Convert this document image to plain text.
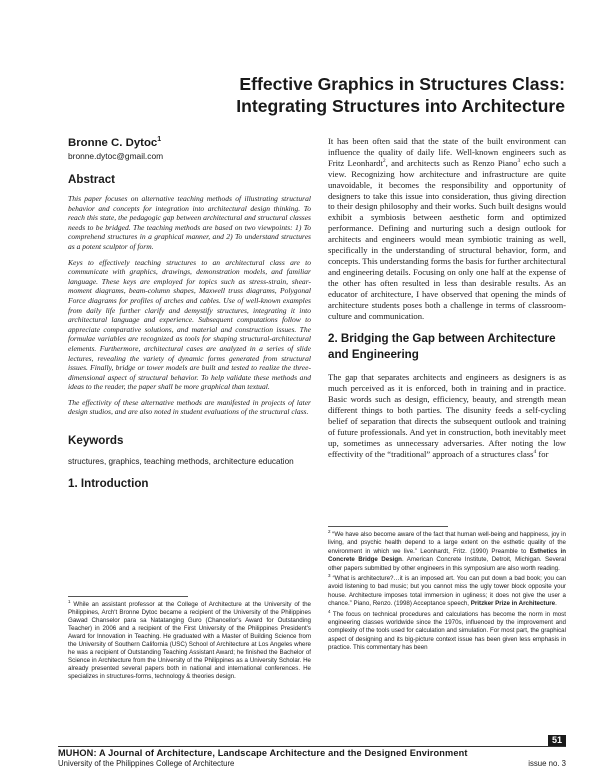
Effective Graphics in Structures Class:
Integrating Structures into Architecture
Bronne C. Dytoc$^1$
bronne.dytoc@gmail.com
Abstract

This paper focuses on alternative teaching methods of illustrating structural behavior and concepts for integration into architectural design thinking. To reach this state, the pedagogic gap between architectural and structural classes needs to be bridged. The teaching methods are based on two viewpoints: 1) To comprehend structures in a graphical manner, and 2) To understand structures as a potent sculptor of form.

Keys to effectively teaching structures to an architectural class are to communicate with graphics, drawings, demonstration models, and familiar language. These keys are employed for topics such as stress-strain, shear-moment diagrams, beam-column shapes, Maxwell truss diagrams, Polygonal Force diagrams for profiles of arches and cables. Use of well-known examples from daily life further clarify and demystify structures, integrating it into architectural language and experience. Subsequent computations follow to appreciate comparative solutions, and material and construction issues. The formulae variables are recognized as tools for shaping structural-architectural elements. Furthermore, architectural cases are analyzed in a series of slide lectures, revealing the variety of dynamic forms generated from structural issues. Finally, bridge or tower models are built and tested to realize the three-dimensional aspect of structural behavior. To help validate these methods and ideas to the reader, the paper shall be more graphical than textual.

The effectivity of these alternative methods are manifested in projects of later design studios, and are also noted in student evaluations of the structural class.

Keywords

structures, graphics, teaching methods, architecture education

1. Introduction

$^1$ While an assistant professor at the College of Architecture at the University of the Philippines, Arch't Bronne Dytoc became a recipient of the University of the Philippines Gawad Chanselor para sa Natatanging Guro (Chancellor's Award for Outstanding Teacher) in 2006 and a recipient of the First University of the Philippines President's Award for Innovation in Teaching. He graduated with a Master of Building Science from the University of Southern California (USC) School of Architecture at Los Angeles where he was a recipient of Outstanding Teaching Assistant Award; he finished the Bachelor of Science in Architecture from the University of the Philippines as a University Scholar. He already presented several papers both in national and international conferences. He specializes in structures-forms, technology & theories design.

It has been often said that the state of the built environment can influence the quality of daily life. Well-known engineers such as Fritz Leonhardt$^2$, and architects such as Renzo Piano$^3$ echo such a view. Recognizing how architecture and infrastructure are quite unavoidable, it becomes the responsibility and opportunity of designers to take this issue into consideration, thus giving direction to their design philosophy and their works. Such built designs would exhibit a symbiosis between aesthetic form and optimized performance. Defining and nurturing such a design outlook for architects and engineers would mean symbiotic training as well, specifically in the understanding of structural behavior, form, and concepts. This understanding forms the basis for further architectural and engineering details. Focusing on only one half at the expense of the other has often resulted in less than desirable results. As an educator of architecture, I have observed that opening the minds of architecture students poses both a challenge in terms of classroom-culture and communication.

2. Bridging the Gap between Architecture and Engineering

The gap that separates architects and engineers as designers is as much perceived as it is enforced, both in training and in practice. Basic words such as design, efficiency, beauty, and strength mean different things to both parties. The disunity feeds a self-cycling belief of separation that directs the subsequent outlook and training of future professionals. And yet in construction, both inevitably meet up, sometimes as unnecessary adversaries. After noting the low effectivity of the “traditional” approach of a structures class$^4$ for

$^2$ “We have also become aware of the fact that human well-being and happiness, joy in living, and psychic health depend to a large extent on the esthetic quality of the environment in which we live.” Leonhardt, Fritz. (1990) Preamble to Esthetics in Concrete Bridge Design. American Concrete Institute, Detroit, Michigan. Several other papers submitted by other engineers in this symposium are also worth reading.

$^3$ “What is architecture?…it is an imposed art. You can put down a bad book; you can avoid listening to bad music; but you cannot miss the ugly tower block opposite your house. Architecture imposes total immersion in ugliness; it does not give the user a chance.” Piano, Renzo. (1998) Acceptance speech, Pritzker Prize in Architecture.

$^4$ The focus on technical procedures and calculations has become the norm in most engineering classes worldwide since the 1970s, influenced by the improvement and complexity of the tools used for calculation and simulation. For most part, the graphical aspect of designing and its big-picture context issue has been given less emphasis in practice. This commentary has been

51
MUHON: A Journal of Architecture, Landscape Architecture and the Designed Environment
University of the Philippines College of Architecture	issue no. 3
